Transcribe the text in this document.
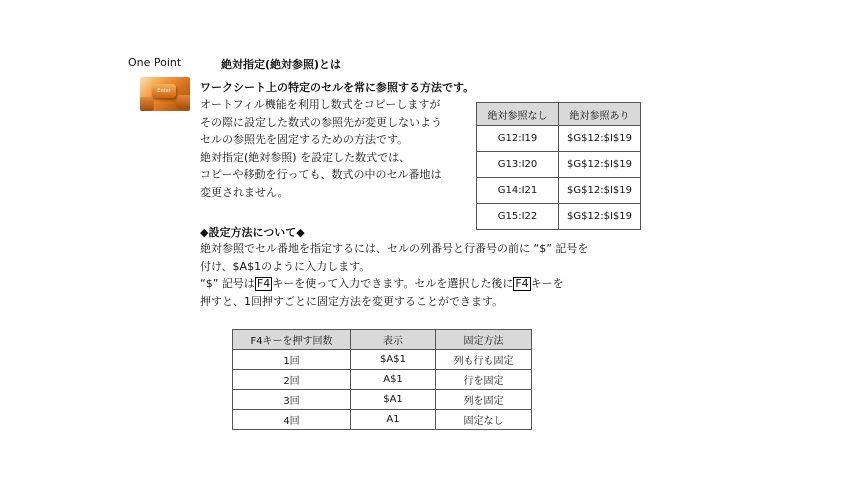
One Point	絶対指定(絶対参照)とは
Enter	ワークシート上の特定のセルを常に参照する方法です。
オートフィル機能を利用し数式をコピーしますが
その際に設定した数式の参照先が変更しないよう
セルの参照先を固定するための方法です。
絶対指定(絶対参照) を設定した数式では、
コピーや移動を行っても、数式の中のセル番地は
変更されません。
絶対参照なし	絶対参照あり
G12:I19	$G$12:$I$19
G13:I20	$G$12:$I$19
G14:I21	$G$12:$I$19
G15:I22	$G$12:$I$19
◆設定方法について◆
絶対参照でセル番地を指定するには、セルの列番号と行番号の前に “$” 記号を
付け、$A$1のように入力します。
“$” 記号は F4 キーを使って入力できます。セルを選択した後に F4 キーを
押すと、1回押すごとに固定方法を変更することができます。
F4キーを押す回数	表示	固定方法
1回	$A$1	列も行も固定
2回	A$1	行を固定
3回	$A1	列を固定
4回	A1	固定なし
